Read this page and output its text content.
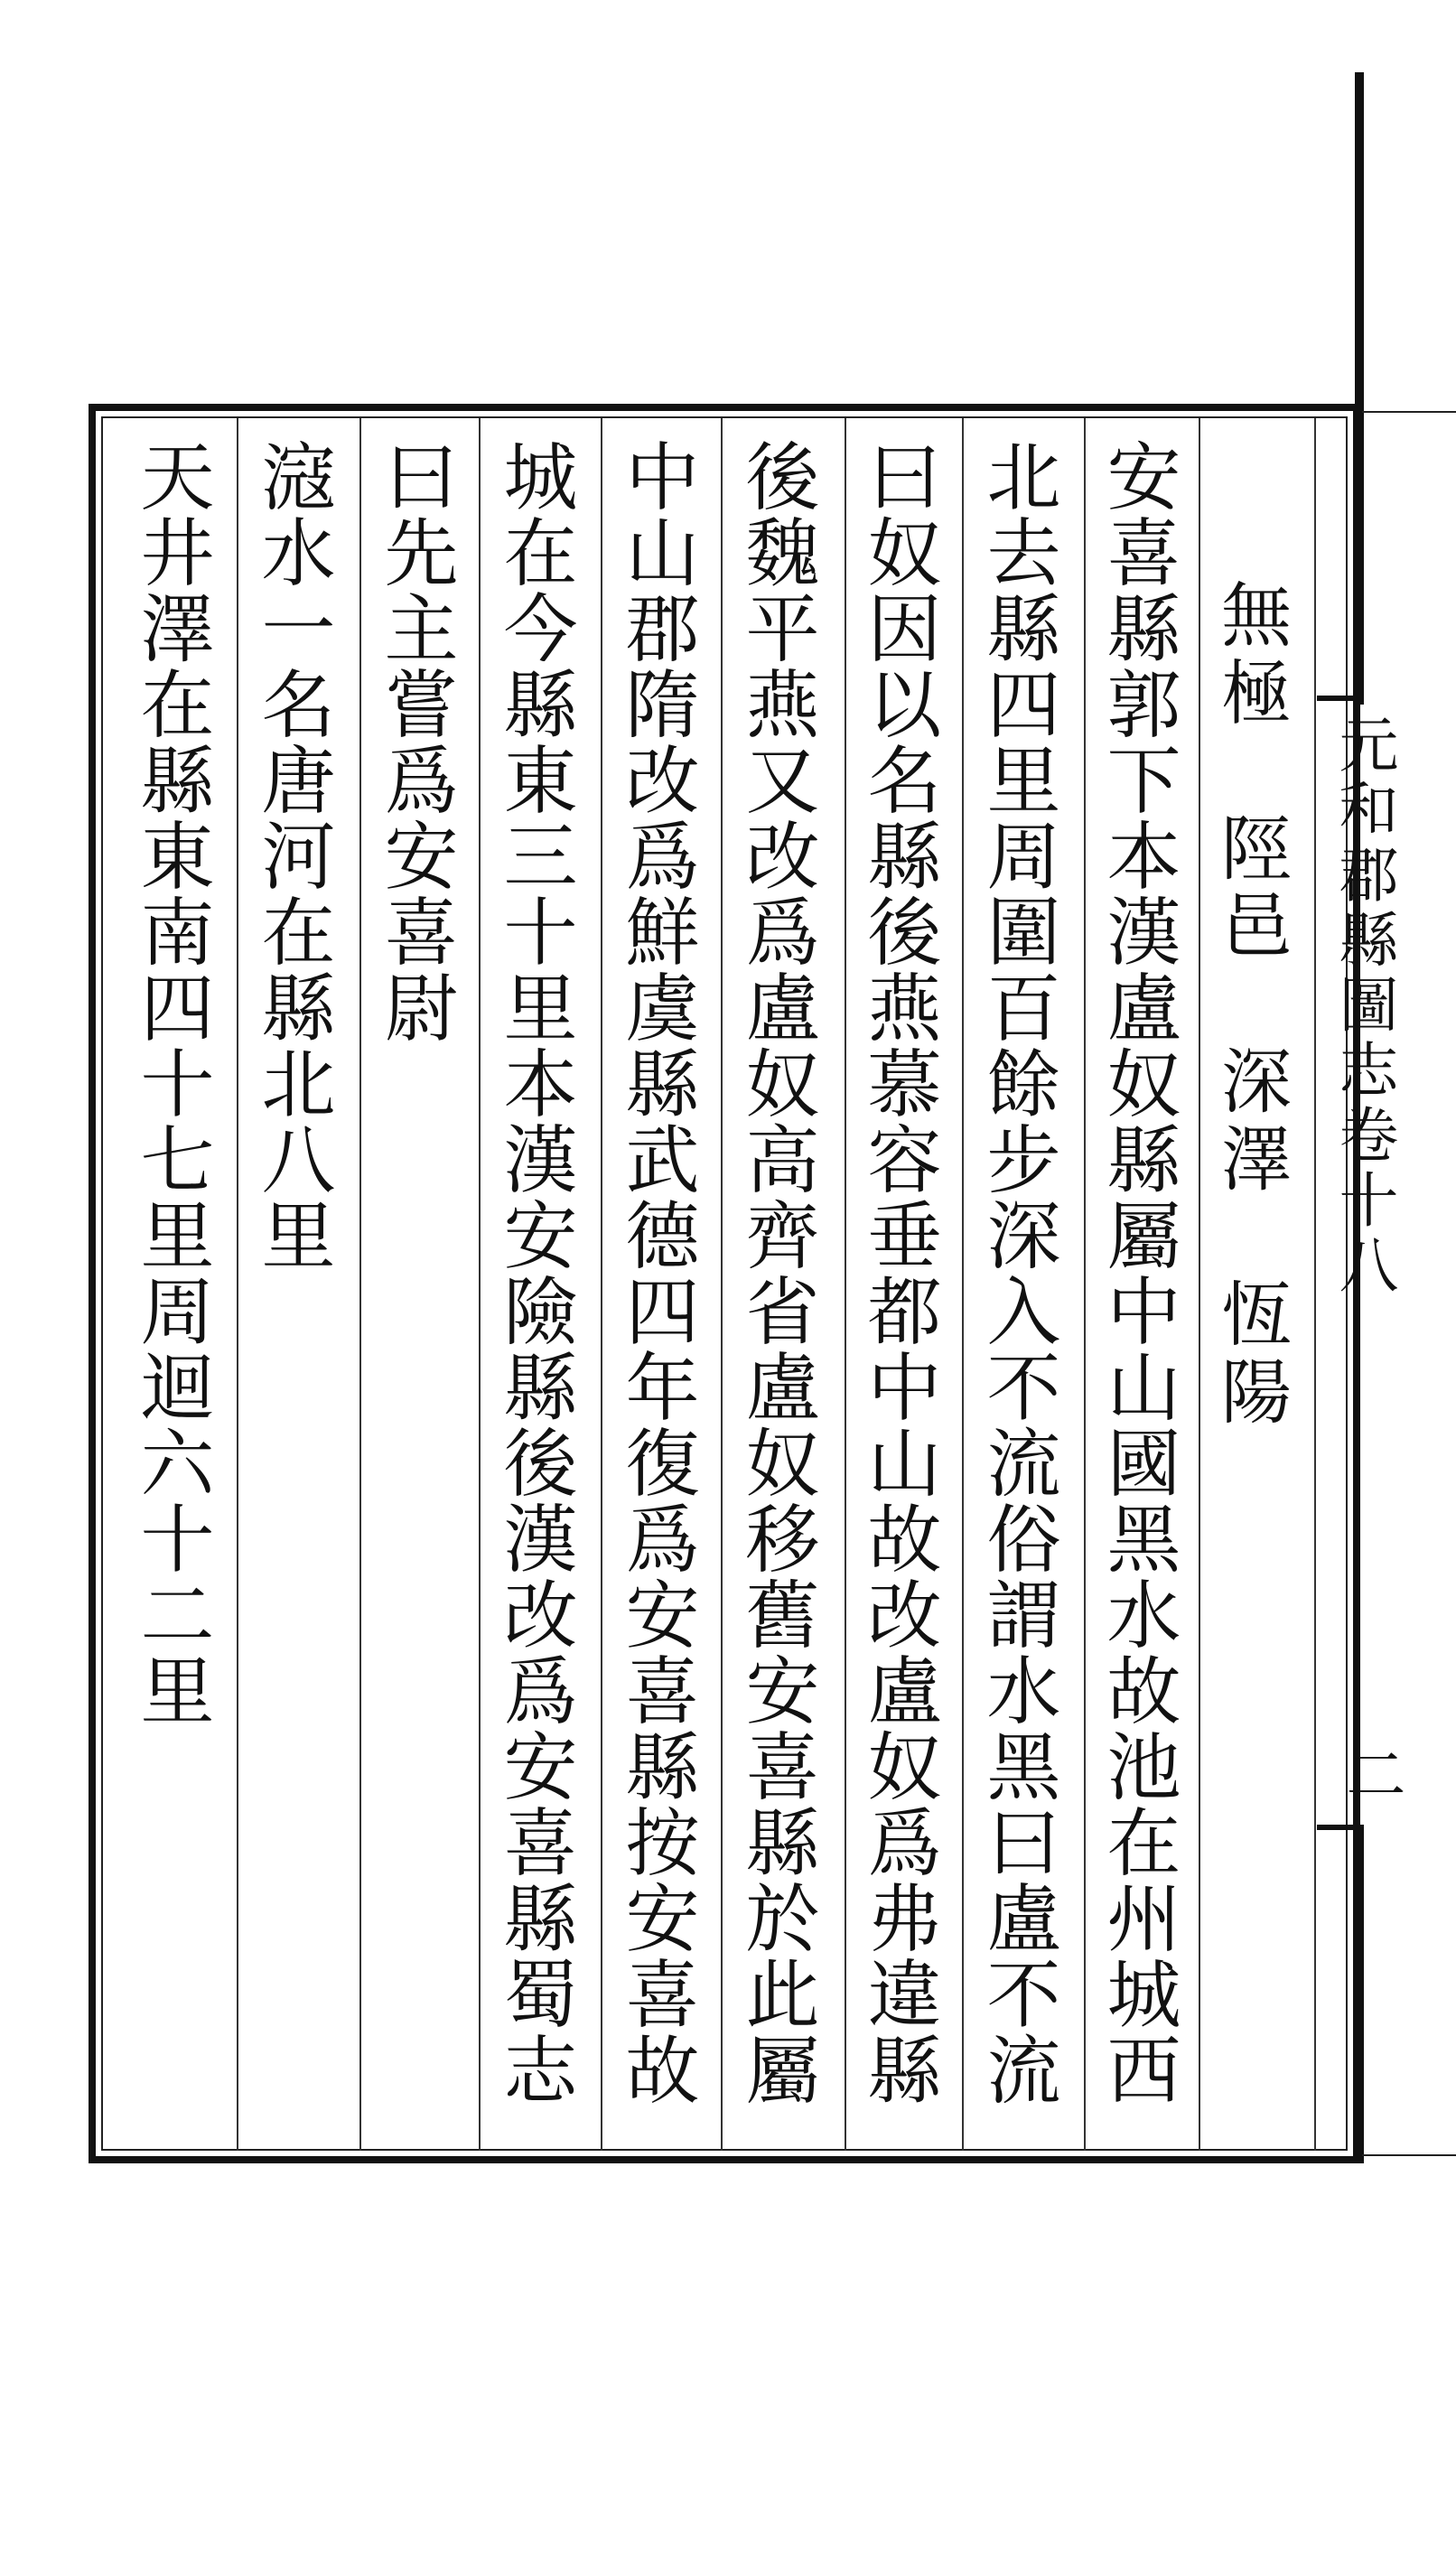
元和郡縣圖志卷十八
二
無極　陘邑　深澤　恆陽
安喜縣郭下本漢盧奴縣屬中山國黑水故池在州城西
北去縣四里周圍百餘步深入不流俗謂水黑曰盧不流
曰奴因以名縣後燕慕容垂都中山故改盧奴爲弗違縣
後魏平燕又改爲盧奴高齊省盧奴移舊安喜縣於此屬
中山郡隋改爲鮮虞縣武德四年復爲安喜縣按安喜故
城在今縣東三十里本漢安險縣後漢改爲安喜縣蜀志
曰先主嘗爲安喜尉
滱水一名唐河在縣北八里
天井澤在縣東南四十七里周迴六十二里
